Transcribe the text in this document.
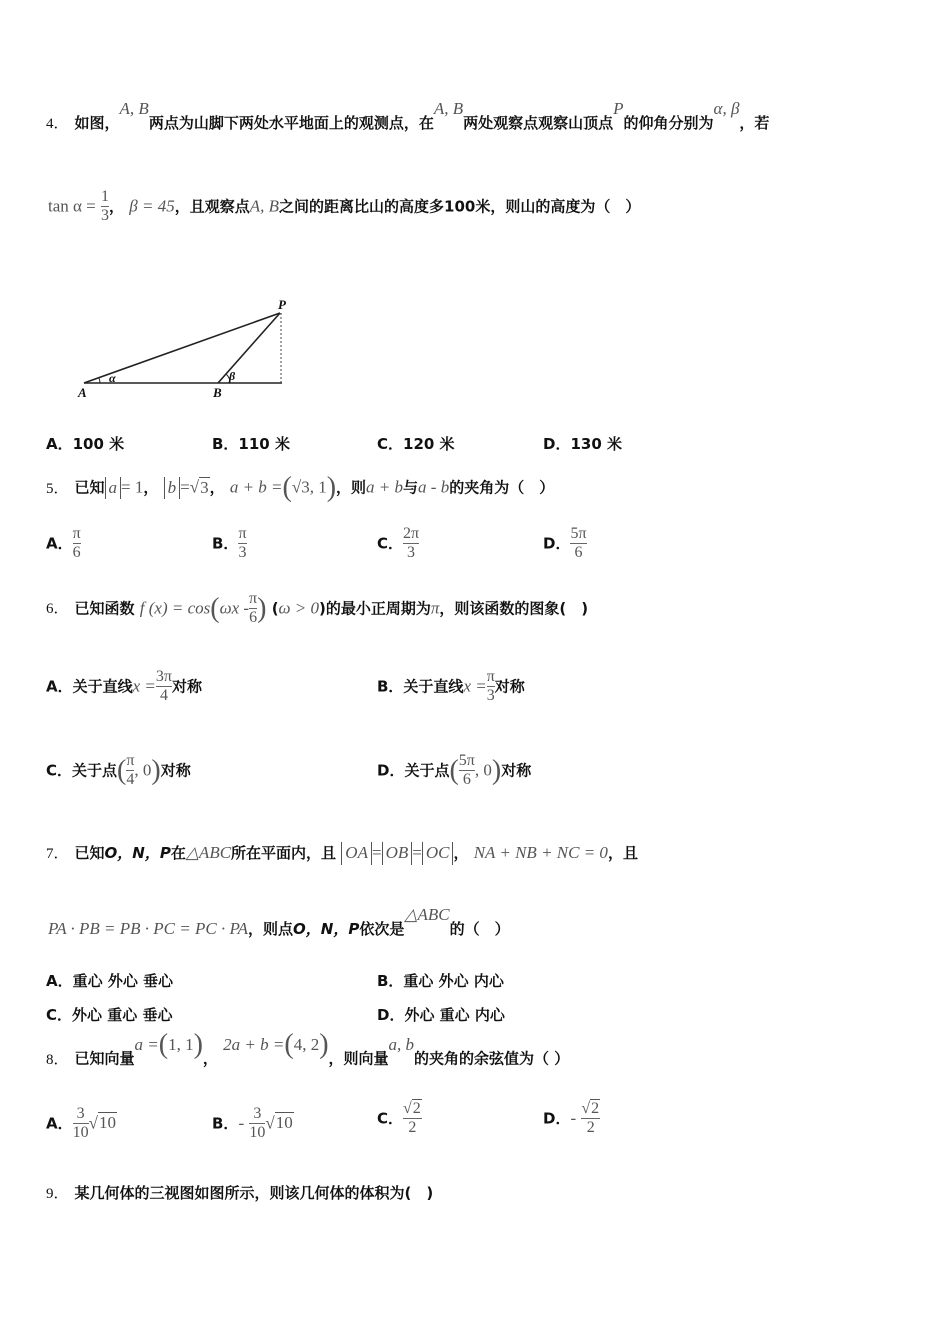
4． 如图，A, B两点为山脚下两处水平地面上的观测点，在A, B两处观察点观察山顶点P的仰角分别为α, β，若
$\tan \alpha = \frac{1}{3}$ ， β = 45，且观察点A, B之间的距离比山的高度多100米，则山的高度为（　）
P
A	B
α	β
A．100 米	B．110 米	C．120 米	D．130 米
5． 已知 a = 1， b =√3， a + b =(√3, 1)，则a + b与a - b的夹角为（　）
A． $\frac{\pi}{6}$	B． $\frac{\pi}{3}$	C． $\frac{2\pi}{3}$	D． $\frac{5\pi}{6}$
6． 已知函数 f $(x) = \cos(\omega x - \frac{\pi}{6}$ ) (ω > 0)的最小正周期为π，则该函数的图象(　)
A．关于直线$x = \frac{3\pi}{4}$ 对称	B．关于直线$x = \frac{\pi}{3}$ 对称
C．关于点( $\frac{\pi}{4}$ , 0)对称	D．关于点( $\frac{5\pi}{6}$ , 0)对称
7． 已知O，N，P在△ABC所在平面内，且 OA = OB = OC ， NA + NB + NC = 0，且
PA · PB = PB · PC = PC · PA，则点O，N，P依次是△ABC的（　）
A．重心 外心 垂心	B．重心 外心 内心
C．外心 重心 垂心	D．外心 重心 内心
8． 已知向量a =(1, 1)， 2a + b =(4, 2)，则向量a, b的夹角的余弦值为（ ）
A． $\frac{3}{10} √10$	B．- $\frac{3}{10} √10$	C． $\frac{√2}{2}$	D．- $\frac{√2}{2}$
9． 某几何体的三视图如图所示，则该几何体的体积为(　)
